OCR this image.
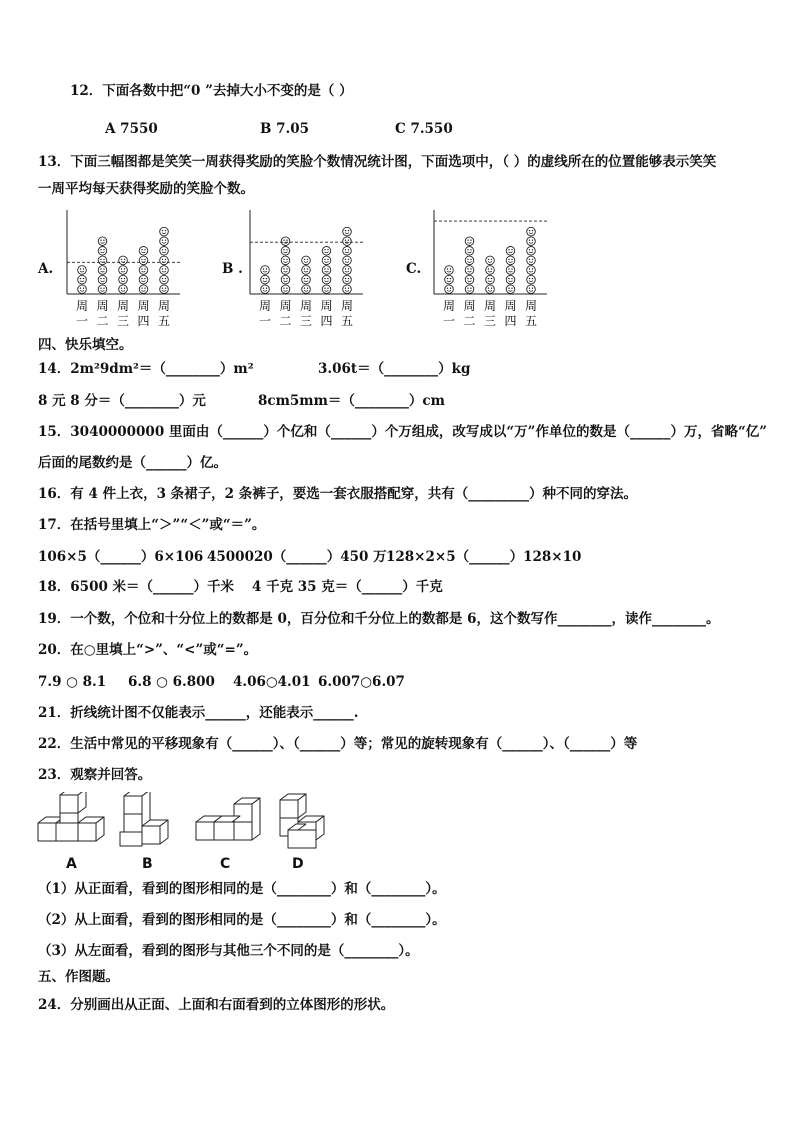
12．下面各数中把“0 ”去掉大小不变的是（ ）
A 7550	B 7.05	C 7.550
13．下面三幅图都是笑笑一周获得奖励的笑脸个数情况统计图，下面选项中，（ ）的虚线所在的位置能够表示笑笑
一周平均每天获得奖励的笑脸个数。
A.	B .	C.
周
一
周
二
周
三
周
四
周
五
周
一
周
二
周
三
周
四
周
五
周
一
周
二
周
三
周
四
周
五
四、快乐填空。
14．2m²9dm²＝（________）m²	3.06t＝（________）kg
8 元 8 分＝（________）元	8cm5mm＝（________）cm
15．3040000000 里面由（______）个亿和（______）个万组成，改写成以“万”作单位的数是（______）万，省略“亿”
后面的尾数约是（______）亿。
16．有 4 件上衣，3 条裙子，2 条裤子，要选一套衣服搭配穿，共有（_________）种不同的穿法。
17．在括号里填上“＞”“＜”或“＝”。
106×5（______）6×106 4500020（______）450 万 128×2×5（______）128×10
18．6500 米＝（______）千米 4 千克 35 克＝（______）千克
19．一个数，个位和十分位上的数都是 0，百分位和千分位上的数都是 6，这个数写作________，读作________。
20．在○里填上“>”、“<”或“=”。
7.9 ○ 8.1 6.8 ○ 6.800 4.06○4.01 6.007○6.07
21．折线统计图不仅能表示______，还能表示______.
22．生活中常见的平移现象有（______）、（______）等；常见的旋转现象有（______）、（______）等
23．观察并回答。
A	B	C	D
（1）从正面看，看到的图形相同的是（________）和（________）。
（2）从上面看，看到的图形相同的是（________）和（________）。
（3）从左面看，看到的图形与其他三个不同的是（________）。
五、作图题。
24．分别画出从正面、上面和右面看到的立体图形的形状。
